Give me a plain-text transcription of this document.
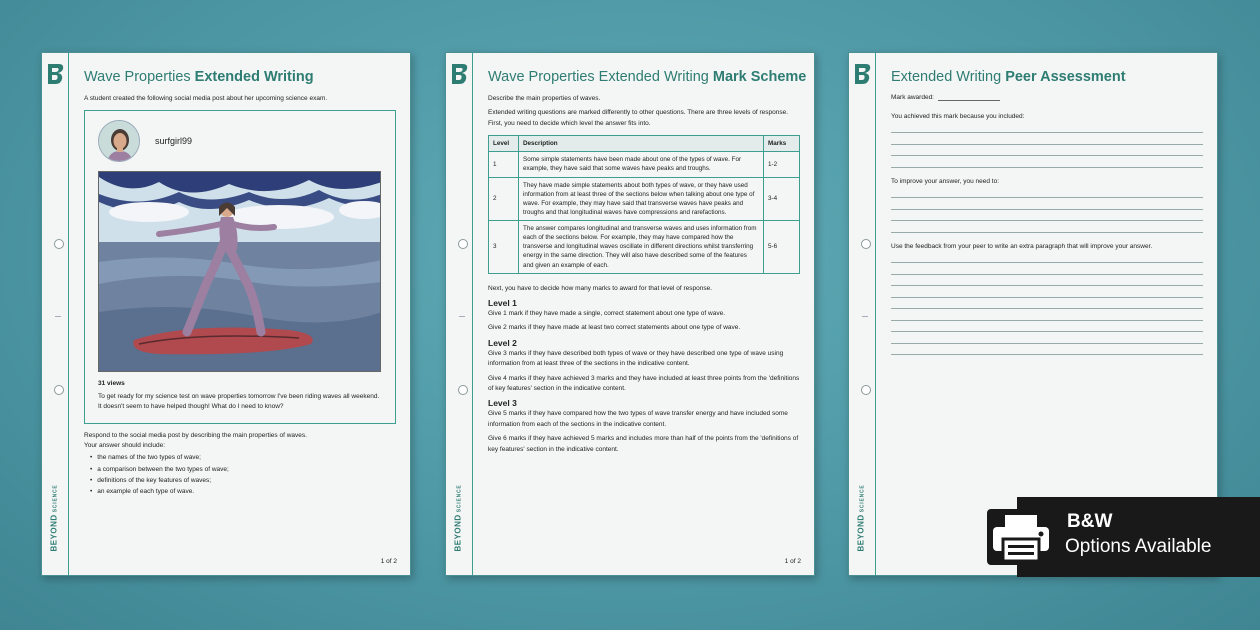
BEYONDSCIENCE
Wave Properties Extended Writing
A student created the following social media post about her upcoming science exam.
surfgirl99
31 views
To get ready for my science test on wave properties tomorrow I've been riding waves all weekend. It doesn't seem to have helped though! What do I need to know?
Respond to the social media post by describing the main properties of waves.
Your answer should include:
• the names of the two types of wave;
• a comparison between the two types of wave;
• definitions of the key features of waves;
• an example of each type of wave.
1 of 2
BEYONDSCIENCE
Wave Properties Extended Writing Mark Scheme
Describe the main properties of waves.
Extended writing questions are marked differently to other questions. There are three levels of response. First, you need to decide which level the answer fits into.
Level	Description	Marks
1	Some simple statements have been made about one of the types of wave. For example, they have said that some waves have peaks and troughs.	1-2
2	They have made simple statements about both types of wave, or they have used information from at least three of the sections below when talking about one type of wave. For example, they may have said that transverse waves have peaks and troughs and that longitudinal waves have compressions and rarefactions.	3-4
3	The answer compares longitudinal and transverse waves and uses information from each of the sections below. For example, they may have compared how the transverse and longitudinal waves oscillate in different directions whilst transferring energy in the same direction. They will also have described some of the features and given an example of each.	5-6
Next, you have to decide how many marks to award for that level of response.
Level 1
Give 1 mark if they have made a single, correct statement about one type of wave.
Give 2 marks if they have made at least two correct statements about one type of wave.
Level 2
Give 3 marks if they have described both types of wave or they have described one type of wave using information from at least three of the sections in the indicative content.
Give 4 marks if they have achieved 3 marks and they have included at least three points from the 'definitions of key features' section in the indicative content.
Level 3
Give 5 marks if they have compared how the two types of wave transfer energy and have included some information from each of the sections in the indicative content.
Give 6 marks if they have achieved 5 marks and includes more than half of the points from the 'definitions of key features' section in the indicative content.
1 of 2
BEYONDSCIENCE
Extended Writing Peer Assessment
Mark awarded:
You achieved this mark because you included:
To improve your answer, you need to:
Use the feedback from your peer to write an extra paragraph that will improve your answer.
B&W
Options Available
